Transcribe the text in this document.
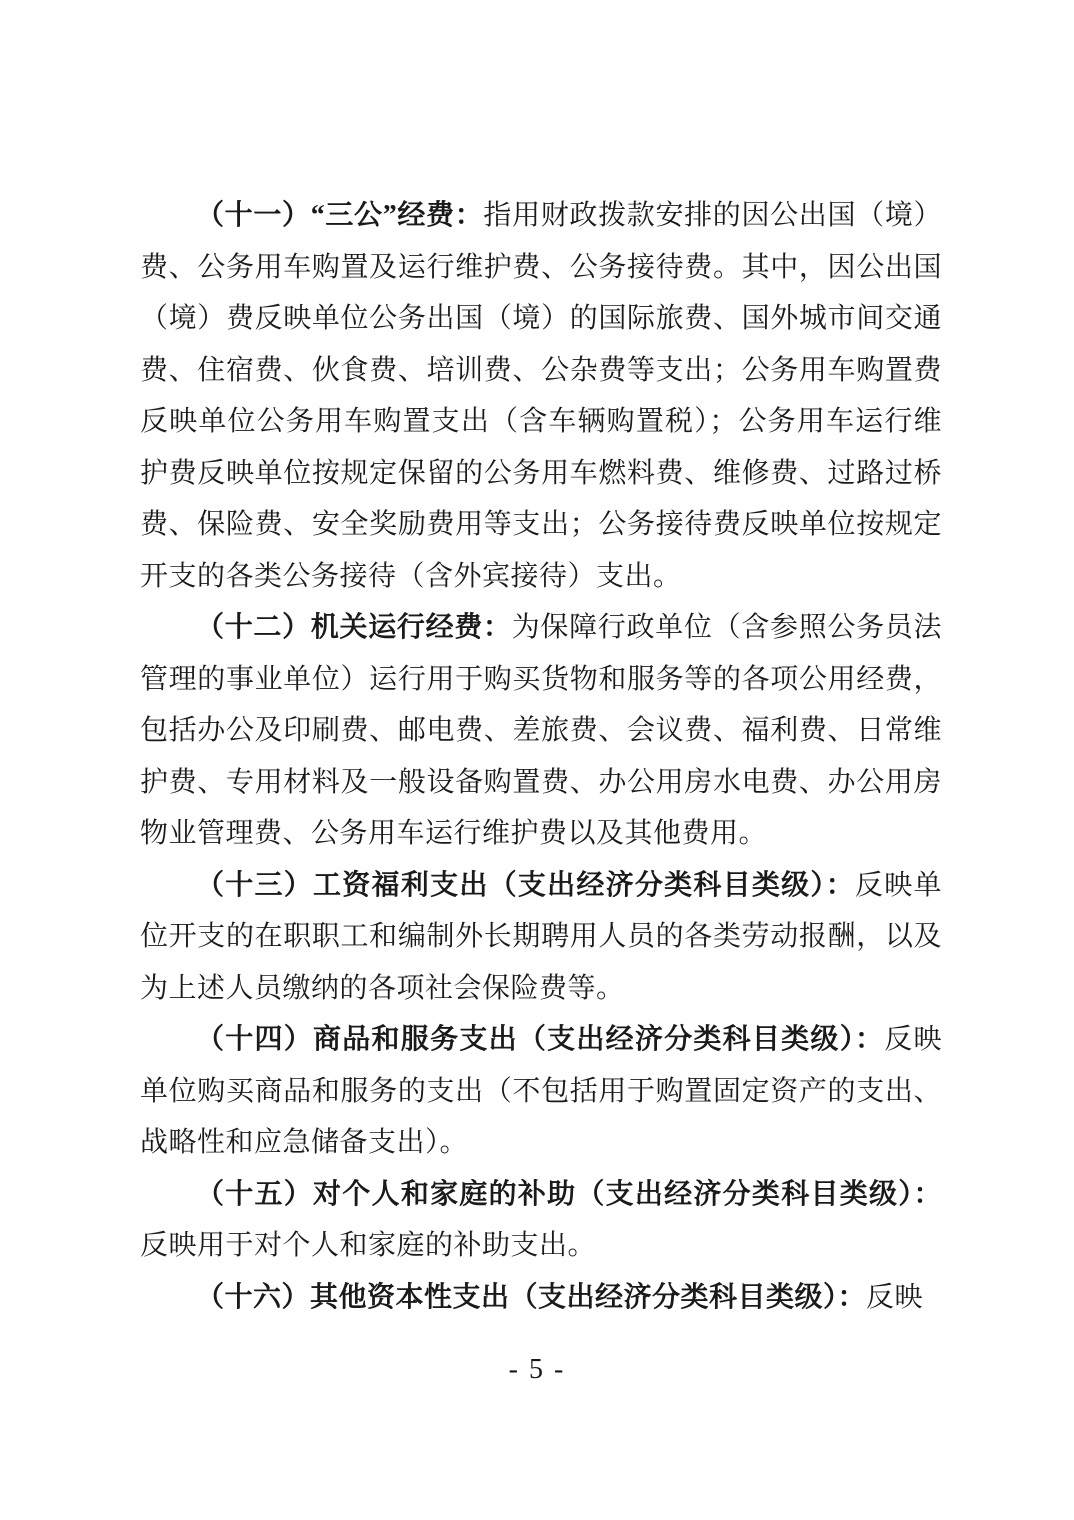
（十一）“三公”经费：指用财政拨款安排的因公出国（境）费、公务用车购置及运行维护费、公务接待费。其中，因公出国（境）费反映单位公务出国（境）的国际旅费、国外城市间交通费、住宿费、伙食费、培训费、公杂费等支出；公务用车购置费反映单位公务用车购置支出（含车辆购置税）；公务用车运行维护费反映单位按规定保留的公务用车燃料费、维修费、过路过桥费、保险费、安全奖励费用等支出；公务接待费反映单位按规定开支的各类公务接待（含外宾接待）支出。

（十二）机关运行经费：为保障行政单位（含参照公务员法管理的事业单位）运行用于购买货物和服务等的各项公用经费，包括办公及印刷费、邮电费、差旅费、会议费、福利费、日常维护费、专用材料及一般设备购置费、办公用房水电费、办公用房物业管理费、公务用车运行维护费以及其他费用。

（十三）工资福利支出（支出经济分类科目类级）：反映单位开支的在职职工和编制外长期聘用人员的各类劳动报酬，以及为上述人员缴纳的各项社会保险费等。

（十四）商品和服务支出（支出经济分类科目类级）：反映单位购买商品和服务的支出（不包括用于购置固定资产的支出、战略性和应急储备支出）。

（十五）对个人和家庭的补助（支出经济分类科目类级）：反映用于对个人和家庭的补助支出。

（十六）其他资本性支出（支出经济分类科目类级）：反映

- 5 -
